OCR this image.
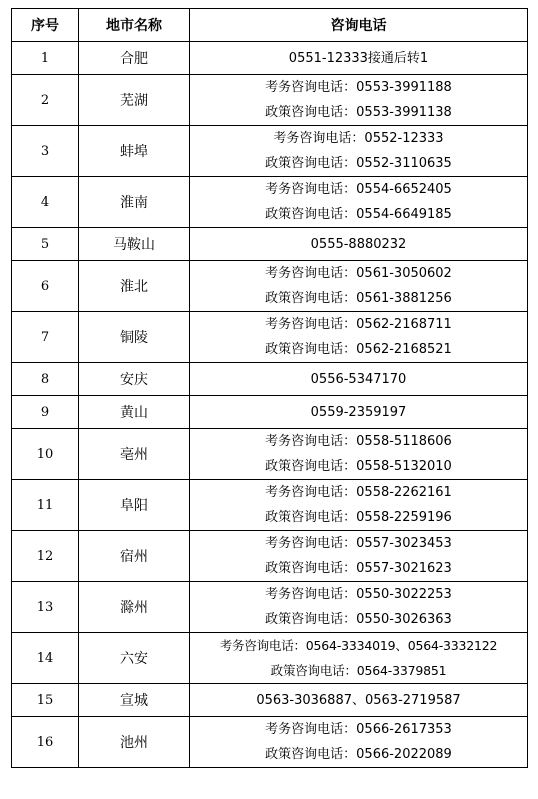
序号	地市名称	咨询电话
1	合肥	0551-12333接通后转1

2	芜湖	考务咨询电话：0553-3991188
政策咨询电话：0553-3991138

3	蚌埠	考务咨询电话：0552-12333
政策咨询电话：0552-3110635

4	淮南	考务咨询电话：0554-6652405
政策咨询电话：0554-6649185

5	马鞍山	0555-8880232

6	淮北	考务咨询电话：0561-3050602
政策咨询电话：0561-3881256

7	铜陵	考务咨询电话：0562-2168711
政策咨询电话：0562-2168521

8	安庆	0556-5347170

9	黄山	0559-2359197

10	亳州	考务咨询电话：0558-5118606
政策咨询电话：0558-5132010

11	阜阳	考务咨询电话：0558-2262161
政策咨询电话：0558-2259196

12	宿州	考务咨询电话：0557-3023453
政策咨询电话：0557-3021623

13	滁州	考务咨询电话：0550-3022253
政策咨询电话：0550-3026363

14	六安	考务咨询电话：0564-3334019、0564-3332122
政策咨询电话：0564-3379851

15	宣城	0563-3036887、0563-2719587

16	池州	考务咨询电话：0566-2617353
政策咨询电话：0566-2022089
